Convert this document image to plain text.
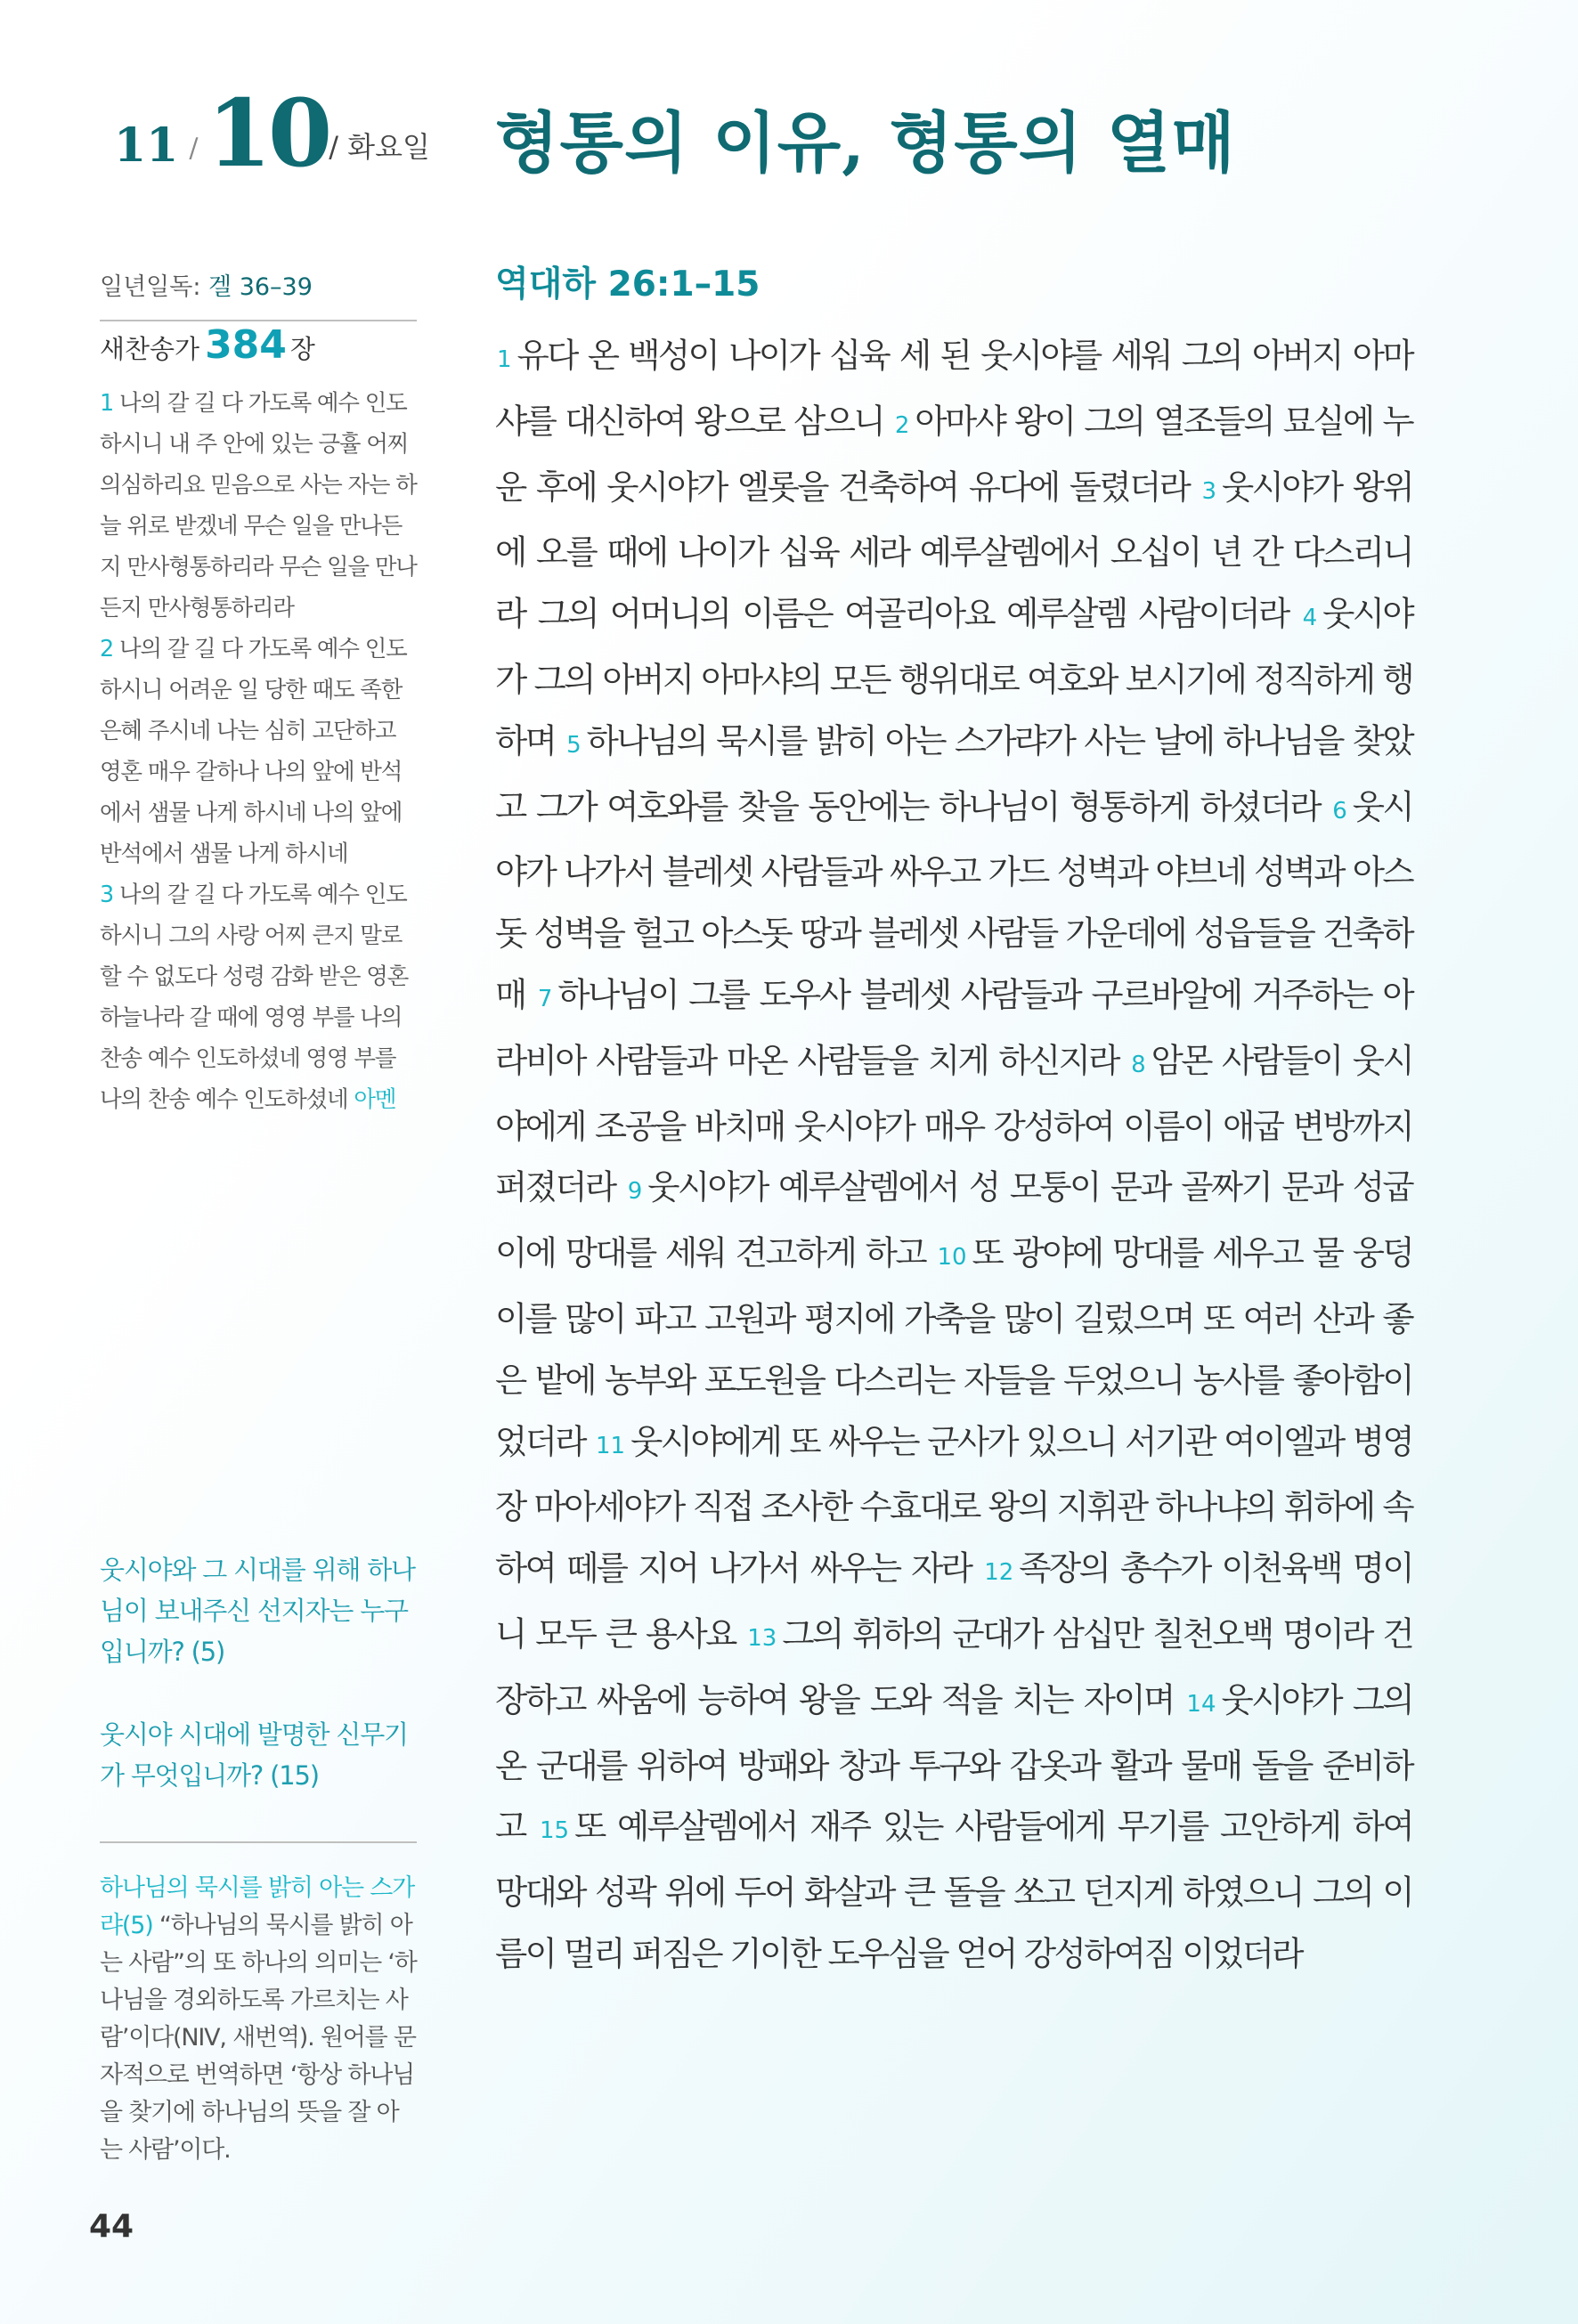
11 / 10 / 화요일 형통의 이유, 형통의 열매
일년일독: 겔 36–39
새찬송가 384 장
1 나의 갈 길 다 가도록 예수 인도하시니 내 주 안에 있는 긍휼 어찌 의심하리요 믿음으로 사는 자는 하늘 위로 받겠네 무슨 일을 만나든지 만사형통하리라 무슨 일을 만나든지 만사형통하리라
2 나의 갈 길 다 가도록 예수 인도하시니 어려운 일 당한 때도 족한 은혜 주시네 나는 심히 고단하고 영혼 매우 갈하나 나의 앞에 반석에서 샘물 나게 하시네 나의 앞에 반석에서 샘물 나게 하시네
3 나의 갈 길 다 가도록 예수 인도하시니 그의 사랑 어찌 큰지 말로 할 수 없도다 성령 감화 받은 영혼 하늘나라 갈 때에 영영 부를 나의 찬송 예수 인도하셨네 영영 부를 나의 찬송 예수 인도하셨네 아멘
웃시야와 그 시대를 위해 하나님이 보내주신 선지자는 누구입니까? (5)
웃시야 시대에 발명한 신무기가 무엇입니까? (15)
하나님의 묵시를 밝히 아는 스가랴(5) “하나님의 묵시를 밝히 아는 사람”의 또 하나의 의미는 ‘하나님을 경외하도록 가르치는 사람’이다(NIV, 새번역). 원어를 문자적으로 번역하면 ‘항상 하나님을 찾기에 하나님의 뜻을 잘 아는 사람’이다.
44
역대하 26:1–15
1 유다 온 백성이 나이가 십육 세 된 웃시야를 세워 그의 아버지 아마샤를 대신하여 왕으로 삼으니 2 아마샤 왕이 그의 열조들의 묘실에 누운 후에 웃시야가 엘롯을 건축하여 유다에 돌렸더라 3 웃시야가 왕위에 오를 때에 나이가 십육 세라 예루살렘에서 오십이 년 간 다스리니라 그의 어머니의 이름은 여골리아요 예루살렘 사람이더라 4 웃시야가 그의 아버지 아마샤의 모든 행위대로 여호와 보시기에 정직하게 행하며 5 하나님의 묵시를 밝히 아는 스가랴가 사는 날에 하나님을 찾았고 그가 여호와를 찾을 동안에는 하나님이 형통하게 하셨더라 6 웃시야가 나가서 블레셋 사람들과 싸우고 가드 성벽과 야브네 성벽과 아스돗 성벽을 헐고 아스돗 땅과 블레셋 사람들 가운데에 성읍들을 건축하매 7 하나님이 그를 도우사 블레셋 사람들과 구르바알에 거주하는 아라비아 사람들과 마온 사람들을 치게 하신지라 8 암몬 사람들이 웃시야에게 조공을 바치매 웃시야가 매우 강성하여 이름이 애굽 변방까지 퍼졌더라 9 웃시야가 예루살렘에서 성 모퉁이 문과 골짜기 문과 성굽이에 망대를 세워 견고하게 하고 10 또 광야에 망대를 세우고 물 웅덩이를 많이 파고 고원과 평지에 가축을 많이 길렀으며 또 여러 산과 좋은 밭에 농부와 포도원을 다스리는 자들을 두었으니 농사를 좋아함이었더라 11 웃시야에게 또 싸우는 군사가 있으니 서기관 여이엘과 병영장 마아세야가 직접 조사한 수효대로 왕의 지휘관 하나냐의 휘하에 속하여 떼를 지어 나가서 싸우는 자라 12 족장의 총수가 이천육백 명이니 모두 큰 용사요 13 그의 휘하의 군대가 삼십만 칠천오백 명이라 건장하고 싸움에 능하여 왕을 도와 적을 치는 자이며 14 웃시야가 그의 온 군대를 위하여 방패와 창과 투구와 갑옷과 활과 물매 돌을 준비하고 15 또 예루살렘에서 재주 있는 사람들에게 무기를 고안하게 하여 망대와 성곽 위에 두어 화살과 큰 돌을 쏘고 던지게 하였으니 그의 이름이 멀리 퍼짐은 기이한 도우심을 얻어 강성하여짐 이었더라
